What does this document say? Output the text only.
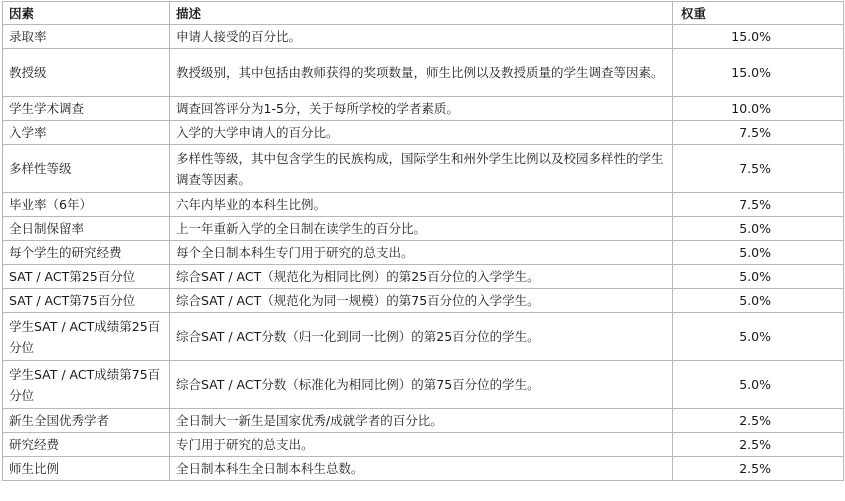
因素	描述	权重
录取率	申请人接受的百分比。	15.0%
教授级	教授级别，其中包括由教师获得的奖项数量，师生比例以及教授质量的学生调查等因素。	15.0%
学生学术调查	调查回答评分为1-5分，关于每所学校的学者素质。	10.0%
入学率	入学的大学申请人的百分比。	7.5%
多样性等级	多样性等级，其中包含学生的民族构成，国际学生和州外学生比例以及校园多样性的学生调查等因素。	7.5%
毕业率（6年）	六年内毕业的本科生比例。	7.5%
全日制保留率	上一年重新入学的全日制在读学生的百分比。	5.0%
每个学生的研究经费	每个全日制本科生专门用于研究的总支出。	5.0%
SAT / ACT第25百分位	综合SAT / ACT（规范化为相同比例）的第25百分位的入学学生。	5.0%
SAT / ACT第75百分位	综合SAT / ACT（规范化为同一规模）的第75百分位的入学学生。	5.0%
学生SAT / ACT成绩第25百分位	综合SAT / ACT分数（归一化到同一比例）的第25百分位的学生。	5.0%
学生SAT / ACT成绩第75百分位	综合SAT / ACT分数（标准化为相同比例）的第75百分位的学生。	5.0%
新生全国优秀学者	全日制大一新生是国家优秀/成就学者的百分比。	2.5%
研究经费	专门用于研究的总支出。	2.5%
师生比例	全日制本科生全日制本科生总数。	2.5%
